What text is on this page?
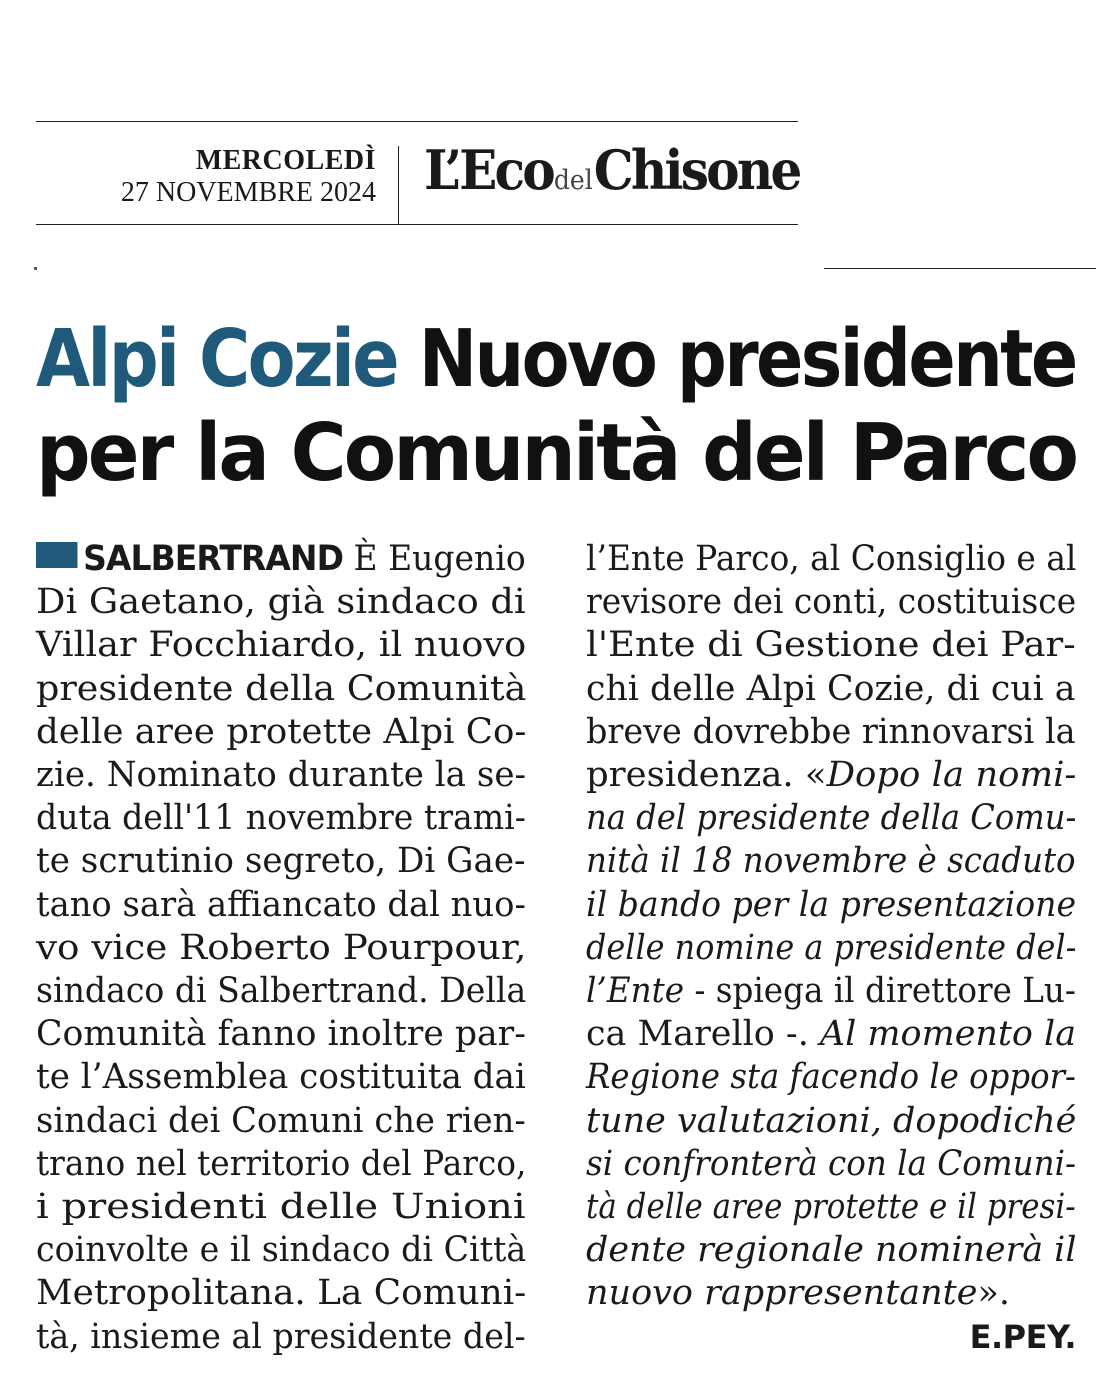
MERCOLEDÌ
27 NOVEMBRE 2024 L’EcodelChisone
Alpi Cozie Nuovo presidente
per la Comunità del Parco
SALBERTRAND È Eugenio
Di Gaetano, già sindaco di
Villar Focchiardo, il nuovo
presidente della Comunità
delle aree protette Alpi Co-
zie. Nominato durante la se-
duta dell'11 novembre trami-
te scrutinio segreto, Di Gae-
tano sarà affiancato dal nuo-
vo vice Roberto Pourpour,
sindaco di Salbertrand. Della
Comunità fanno inoltre par-
te l’Assemblea costituita dai
sindaci dei Comuni che rien-
trano nel territorio del Parco,
i presidenti delle Unioni
coinvolte e il sindaco di Città
Metropolitana. La Comuni-
tà, insieme al presidente del-
l’Ente Parco, al Consiglio e al
revisore dei conti, costituisce
l'Ente di Gestione dei Par-
chi delle Alpi Cozie, di cui a
breve dovrebbe rinnovarsi la
presidenza. «Dopo la nomi-
na del presidente della Comu-
nità il 18 novembre è scaduto
il bando per la presentazione
delle nomine a presidente del-
l’Ente - spiega il direttore Lu-
ca Marello -. Al momento la
Regione sta facendo le oppor-
tune valutazioni, dopodiché
si confronterà con la Comuni-
tà delle aree protette e il presi-
dente regionale nominerà il
nuovo rappresentante».
E.PEY.
